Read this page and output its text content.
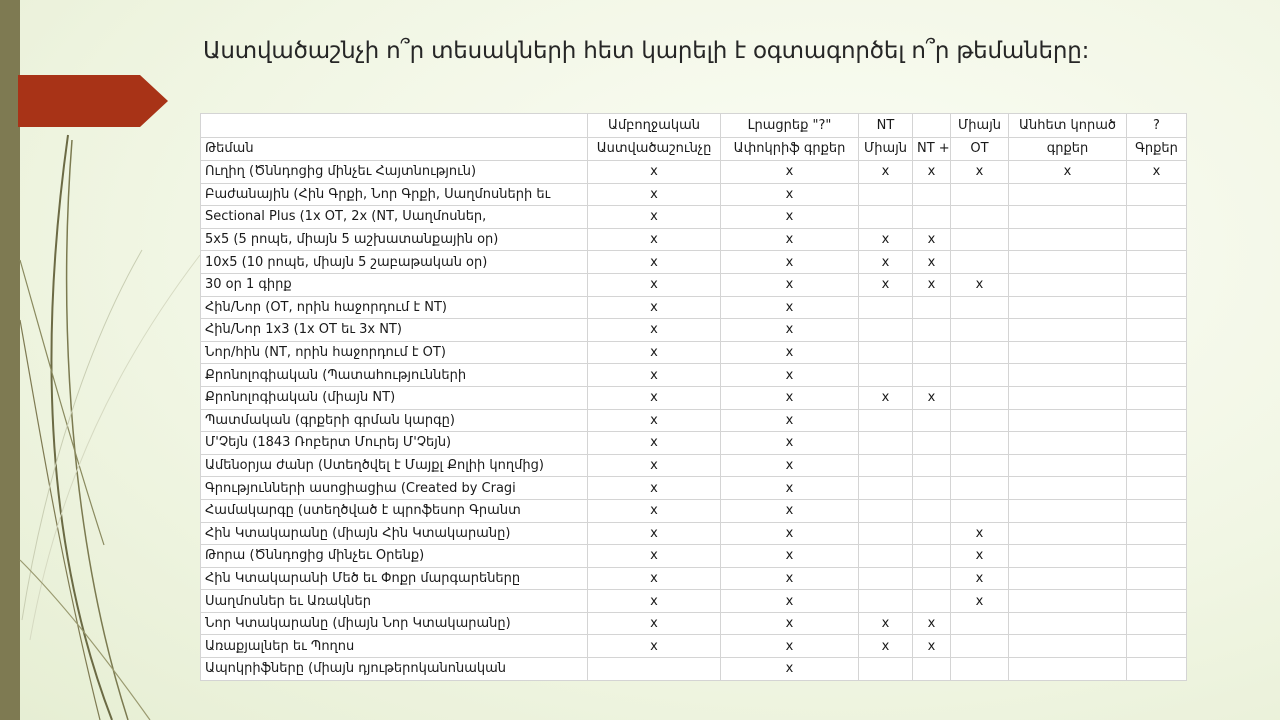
Աստվածաշնչի ո՞ր տեսակների հետ կարելի է օգտագործել ո՞ր թեմաները:
	Ամբողջական	Լրացրեք "?"	NT		Միայն	Անհետ կորած	?
Թեման	Աստվածաշունչը	Ափոկրիֆ գրքեր	Միայն	NT +	OT	գրքեր	Գրքեր
Ուղիղ (Ծննդոցից մինչեւ Հայտնություն)	x	x	x	x	x	x	x
Բաժանային (Հին Գրքի, Նոր Գրքի, Սաղմոսների եւ	x	x					
Sectional Plus (1x OT, 2x (NT, Սաղմոսներ,	x	x					
5x5 (5 րոպե, միայն 5 աշխատանքային օր)	x	x	x	x			
10x5 (10 րոպե, միայն 5 շաբաթական օր)	x	x	x	x			
30 օր 1 գիրք	x	x	x	x	x		
Հին/Նոր (OT, որին հաջորդում է NT)	x	x					
Հին/Նոր 1x3 (1x OT եւ 3x NT)	x	x					
Նոր/հին (NT, որին հաջորդում է OT)	x	x					
Քրոնոլոգիական (Պատահությունների	x	x					
Քրոնոլոգիական (միայն NT)	x	x	x	x			
Պատմական (գրքերի գրման կարգը)	x	x					
Մ'Չեյն (1843 Ռոբերտ Մուրեյ Մ'Չեյն)	x	x					
Ամենօրյա ժանր (Ստեղծվել է Մայքլ Քոլիի կողմից)	x	x					
Գրությունների ասոցիացիա (Created by Cragi	x	x					
Համակարգը (ստեղծված է պրոֆեսոր Գրանտ	x	x					
Հին Կտակարանը (միայն Հին Կտակարանը)	x	x			x		
Թորա (Ծննդոցից մինչեւ Օրենք)	x	x			x		
Հին Կտակարանի Մեծ եւ Փոքր մարգարեները	x	x			x		
Սաղմոսներ եւ Առակներ	x	x			x		
Նոր Կտակարանը (միայն Նոր Կտակարանը)	x	x	x	x			
Առաքյալներ եւ Պողոս	x	x	x	x			
Ապոկրիֆները (միայն դյութերոկանոնական		x					
